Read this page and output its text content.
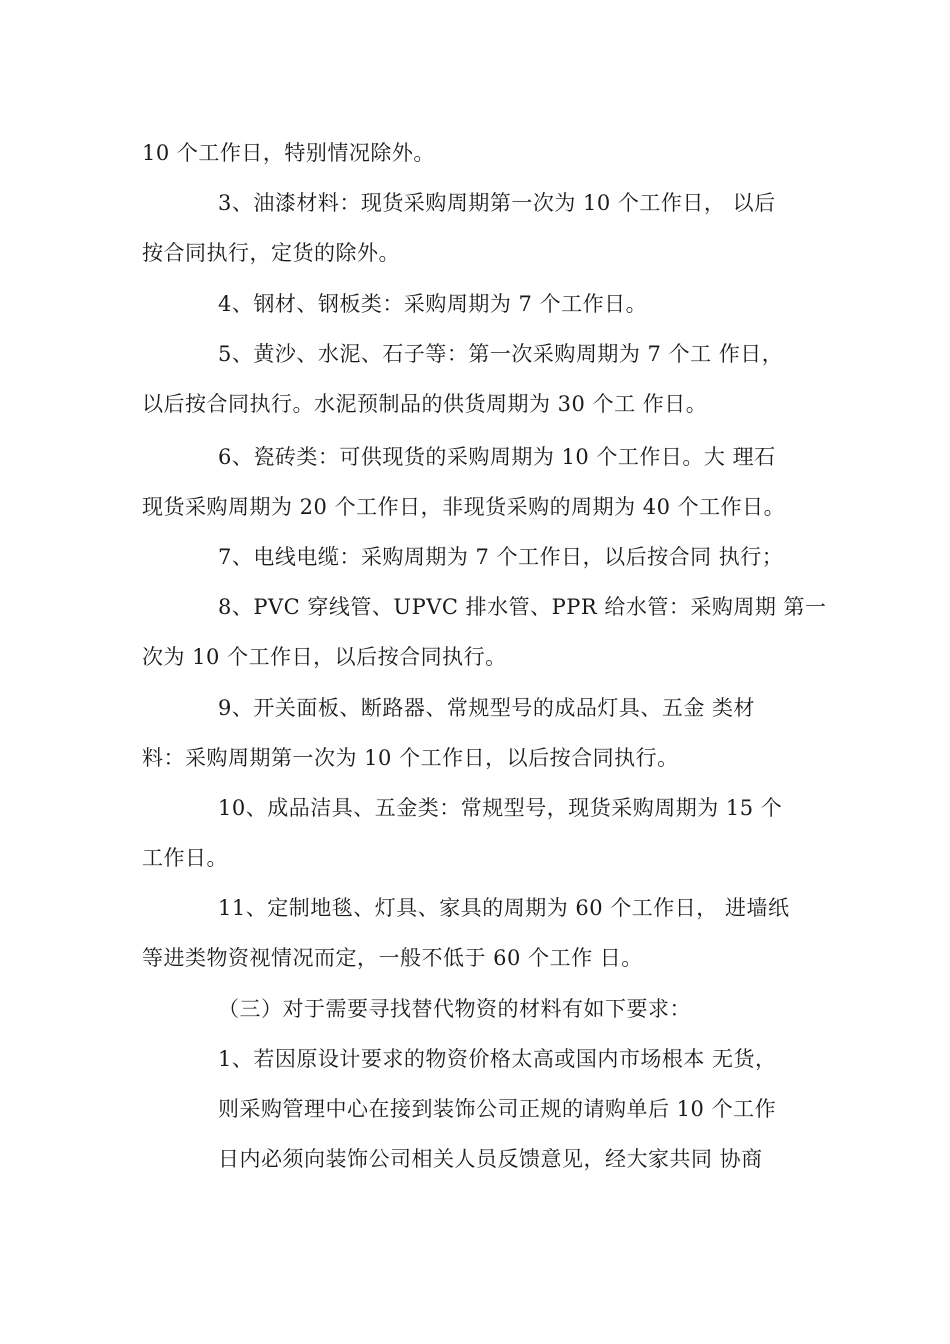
10 个工作日，特别情况除外。
3、油漆材料：现货采购周期第一次为 10 个工作日， 以后
按合同执行，定货的除外。
4、钢材、钢板类：采购周期为 7 个工作日。
5、黄沙、水泥、石子等：第一次采购周期为 7 个工 作日，
以后按合同执行。水泥预制品的供货周期为 30 个工 作日。
6、瓷砖类：可供现货的采购周期为 10 个工作日。大 理石
现货采购周期为 20 个工作日，非现货采购的周期为 40 个工作日。
7、电线电缆：采购周期为 7 个工作日，以后按合同 执行；
8、PVC 穿线管、UPVC 排水管、PPR 给水管：采购周期 第一
次为 10 个工作日，以后按合同执行。
9、开关面板、断路器、常规型号的成品灯具、五金 类材
料：采购周期第一次为 10 个工作日，以后按合同执行。
10、成品洁具、五金类：常规型号，现货采购周期为 15 个
工作日。
11、定制地毯、灯具、家具的周期为 60 个工作日， 进墙纸
等进类物资视情况而定，一般不低于 60 个工作 日。
（三）对于需要寻找替代物资的材料有如下要求：
1、若因原设计要求的物资价格太高或国内市场根本 无货，
则采购管理中心在接到装饰公司正规的请购单后 10 个工作
日内必须向装饰公司相关人员反馈意见，经大家共同 协商
